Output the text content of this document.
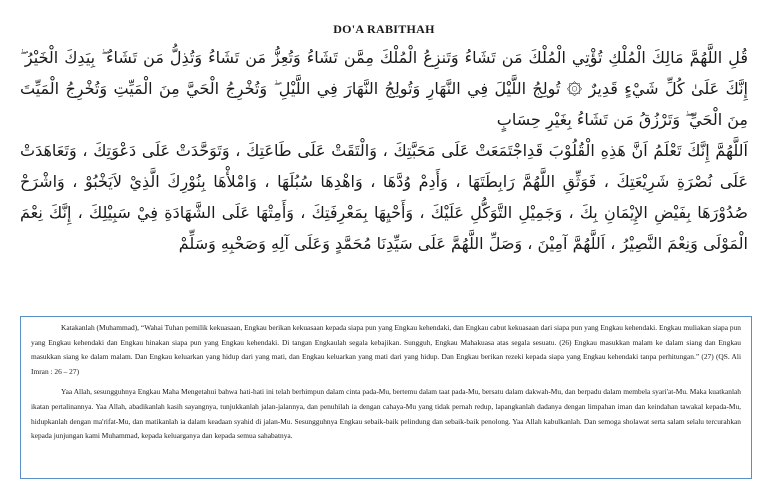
DO'A RABITHAH

قُلِ اللَّهُمَّ مَالِكَ الْمُلْكِ تُؤْتِي الْمُلْكَ مَن تَشَاءُ وَتَنزِعُ الْمُلْكَ مِمَّن تَشَاءُ وَتُعِزُّ مَن تَشَاءُ وَتُذِلُّ مَن تَشَاءُ ۖ بِيَدِكَ الْخَيْرُ ۖ إِنَّكَ عَلَىٰ كُلِّ شَيْءٍ قَدِيرٌ ۞ تُولِجُ اللَّيْلَ فِي النَّهَارِ وَتُولِجُ النَّهَارَ فِي اللَّيْلِ ۖ وَتُخْرِجُ الْحَيَّ مِنَ الْمَيِّتِ وَتُخْرِجُ الْمَيِّتَ مِنَ الْحَيِّ ۖ وَتَرْزُقُ مَن تَشَاءُ بِغَيْرِ حِسَابٍ

اَللَّهُمَّ إِنَّكَ تَعْلَمُ اَنَّ هَذِهِ الْقُلُوْبَ قَدِاجْتَمَعَتْ عَلَى مَحَبَّتِكَ ، وَالْتَقَتْ عَلَى طَاعَتِكَ ، وَتَوَحَّدَتْ عَلَى دَعْوَتِكَ ، وَتَعَاهَدَتْ عَلَى نُصْرَةِ شَرِيْعَتِكَ ، فَوَثِّقِ اللَّهُمَّ رَابِطَتَهَا ، وَأَدِمْ وُدَّهَا ، وَاهْدِهَا سُبُلَهَا ، وَامْلأْهَا بِنُوْرِكَ الَّذِيْ لاَيَخْبُوْ ، وَاشْرَحْ صُدُوْرَهَا بِفَيْضِ الإِيْمَانِ بِكَ ، وَجَمِيْلِ التَّوَكُّلِ عَلَيْكَ ، وَأَحْيِهَا بِمَعْرِفَتِكَ ، وَأَمِتْهَا عَلَى الشَّهَادَةِ فِيْ سَبِيْلِكَ ، إِنَّكَ نِعْمَ الْمَوْلَى وَنِعْمَ النَّصِيْرُ ، اَللَّهُمَّ آمِيْنَ ، وَصَلِّ اللَّهُمَّ عَلَى سَيِّدِنَا مُحَمَّدٍ وَعَلَى آلِهِ وَصَحْبِهِ وَسَلِّمْ

Katakanlah (Muhammad), “Wahai Tuhan pemilik kekuasaan, Engkau berikan kekuasaan kepada siapa pun yang Engkau kehendaki, dan Engkau cabut kekuasaan dari siapa pun yang Engkau kehendaki. Engkau muliakan siapa pun yang Engkau kehendaki dan Engkau hinakan siapa pun yang Engkau kehendaki. Di tangan Engkaulah segala kebajikan. Sungguh, Engkau Mahakuasa atas segala sesuatu. (26) Engkau masukkan malam ke dalam siang dan Engkau masukkan siang ke dalam malam. Dan Engkau keluarkan yang hidup dari yang mati, dan Engkau keluarkan yang mati dari yang hidup. Dan Engkau berikan rezeki kepada siapa yang Engkau kehendaki tanpa perhitungan.” (27) (QS. Ali Imran : 26 – 27)

Yaa Allah, sesungguhnya Engkau Maha Mengetahui bahwa hati-hati ini telah berhimpun dalam cinta pada-Mu, bertemu dalam taat pada-Mu, bersatu dalam dakwah-Mu, dan berpadu dalam membela syari'at-Mu. Maka kuatkanlah ikatan pertalinannya. Yaa Allah, abadikanlah kasih sayangnya, tunjukkanlah jalan-jalannya, dan penuhilah ia dengan cahaya-Mu yang tidak pernah redup, lapangkanlah dadanya dengan limpahan iman dan keindahan tawakal kepada-Mu, hidupkanlah dengan ma'rifat-Mu, dan matikanlah ia dalam keadaan syahid di jalan-Mu. Sesungguhnya Engkau sebaik-baik pelindung dan sebaik-baik penolong. Yaa Allah kabulkanlah. Dan semoga sholawat serta salam selalu tercurahkan kepada junjungan kami Muhammad, kepada keluarganya dan kepada semua sahabatnya.
